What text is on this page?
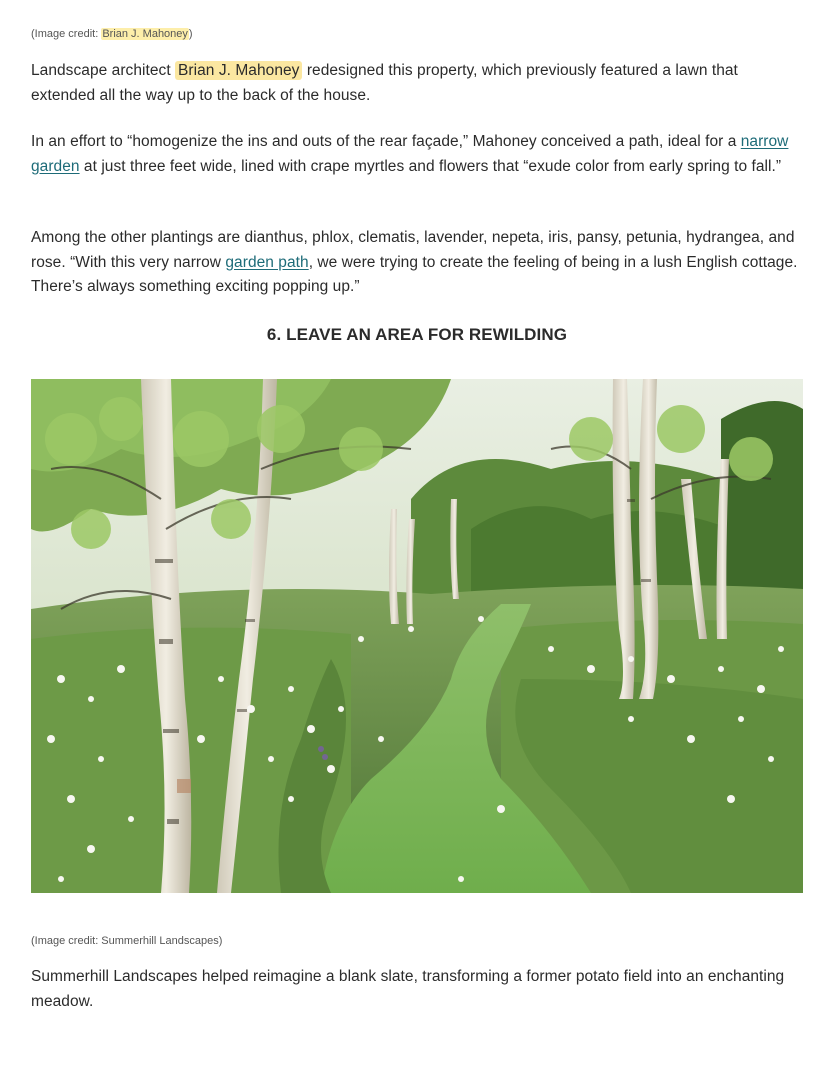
(Image credit: Brian J. Mahoney)

Landscape architect Brian J. Mahoney redesigned this property, which previously featured a lawn that extended all the way up to the back of the house.

In an effort to “homogenize the ins and outs of the rear façade,” Mahoney conceived a path, ideal for a narrow garden at just three feet wide, lined with crape myrtles and flowers that “exude color from early spring to fall.”

Among the other plantings are dianthus, phlox, clematis, lavender, nepeta, iris, pansy, petunia, hydrangea, and rose. “With this very narrow garden path, we were trying to create the feeling of being in a lush English cottage. There’s always something exciting popping up.”

6. LEAVE AN AREA FOR REWILDING
(Image credit: Summerhill Landscapes)

Summerhill Landscapes helped reimagine a blank slate, transforming a former potato field into an enchanting meadow.
